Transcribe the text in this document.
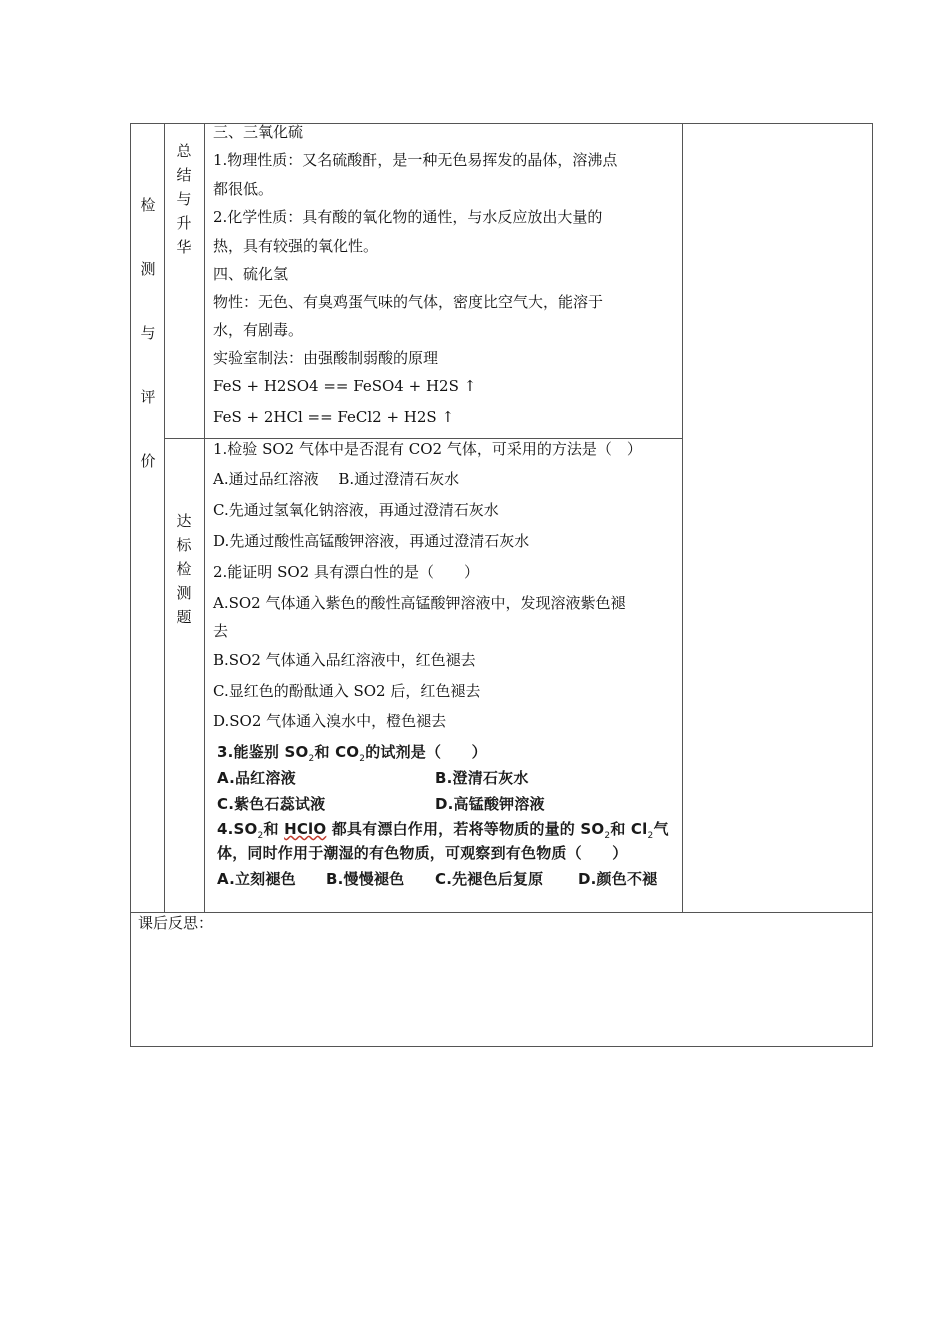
检
测
与
评
价
总
结
与
升
华
三、三氧化硫
1.物理性质：又名硫酸酐，是一种无色易挥发的晶体，溶沸点
都很低。
2.化学性质：具有酸的氧化物的通性，与水反应放出大量的
热，具有较强的氧化性。
四、硫化氢
物性：无色、有臭鸡蛋气味的气体，密度比空气大，能溶于
水，有剧毒。
实验室制法：由强酸制弱酸的原理
FeS + H2SO4 == FeSO4 + H2S ↑
FeS + 2HCl == FeCl2 + H2S ↑
达
标
检
测
题
1.检验 SO2 气体中是否混有 CO2 气体，可采用的方法是（　）
A.通过品红溶液　 B.通过澄清石灰水
C.先通过氢氧化钠溶液，再通过澄清石灰水
D.先通过酸性高锰酸钾溶液，再通过澄清石灰水
2.能证明 SO2 具有漂白性的是（　　）
A.SO2 气体通入紫色的酸性高锰酸钾溶液中，发现溶液紫色褪
去
B.SO2 气体通入品红溶液中，红色褪去
C.显红色的酚酞通入 SO2 后，红色褪去
D.SO2 气体通入溴水中，橙色褪去
3.能鉴别 $SO_2$和 $CO_2$的试剂是（　　）
A.品红溶液	B.澄清石灰水
C.紫色石蕊试液	D.高锰酸钾溶液
$4.SO_2$和 HClO 都具有漂白作用，若将等物质的量的 $SO_2$和 $Cl_2$气
体，同时作用于潮湿的有色物质，可观察到有色物质（　　）
A.立刻褪色 B.慢慢褪色 C.先褪色后复原 D.颜色不褪
课后反思：
